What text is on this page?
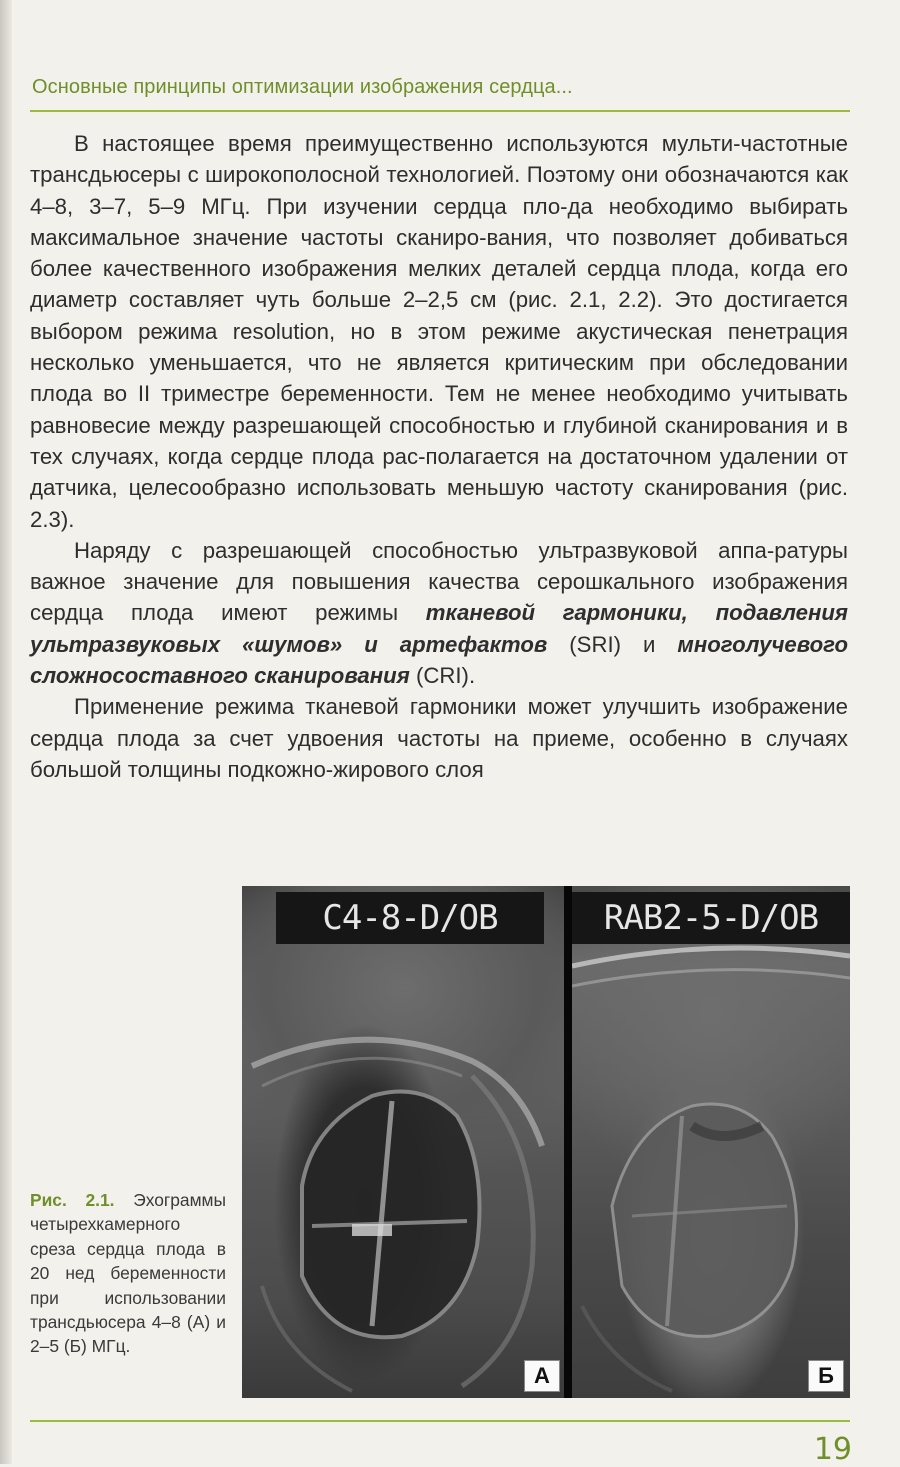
Основные принципы оптимизации изображения сердца...

В настоящее время преимущественно используются мульти-частотные трансдьюсеры с широкополосной технологией. Поэтому они обозначаются как 4–8, 3–7, 5–9 МГц. При изучении сердца пло-да необходимо выбирать максимальное значение частоты сканиро-вания, что позволяет добиваться более качественного изображения мелких деталей сердца плода, когда его диаметр составляет чуть больше 2–2,5 см (рис. 2.1, 2.2). Это достигается выбором режима resolution, но в этом режиме акустическая пенетрация несколько уменьшается, что не является критическим при обследовании плода во II триместре беременности. Тем не менее необходимо учитывать равновесие между разрешающей способностью и глубиной сканирования и в тех случаях, когда сердце плода рас-полагается на достаточном удалении от датчика, целесообразно использовать меньшую частоту сканирования (рис. 2.3).

Наряду с разрешающей способностью ультразвуковой аппа-ратуры важное значение для повышения качества серошкального изображения сердца плода имеют режимы тканевой гармоники, подавления ультразвуковых «шумов» и артефактов (SRI) и многолучевого сложносоставного сканирования (CRI).

Применение режима тканевой гармоники может улучшить изображение сердца плода за счет удвоения частоты на приеме, особенно в случаях большой толщины подкожно-жирового слоя

C4-8-D/OB
А
RAB2-5-D/OB
Б
Рис. 2.1. Эхограммы четырехкамерного среза сердца плода в 20 нед беременности при использовании трансдьюсера 4–8 (А) и 2–5 (Б) МГц.
19
